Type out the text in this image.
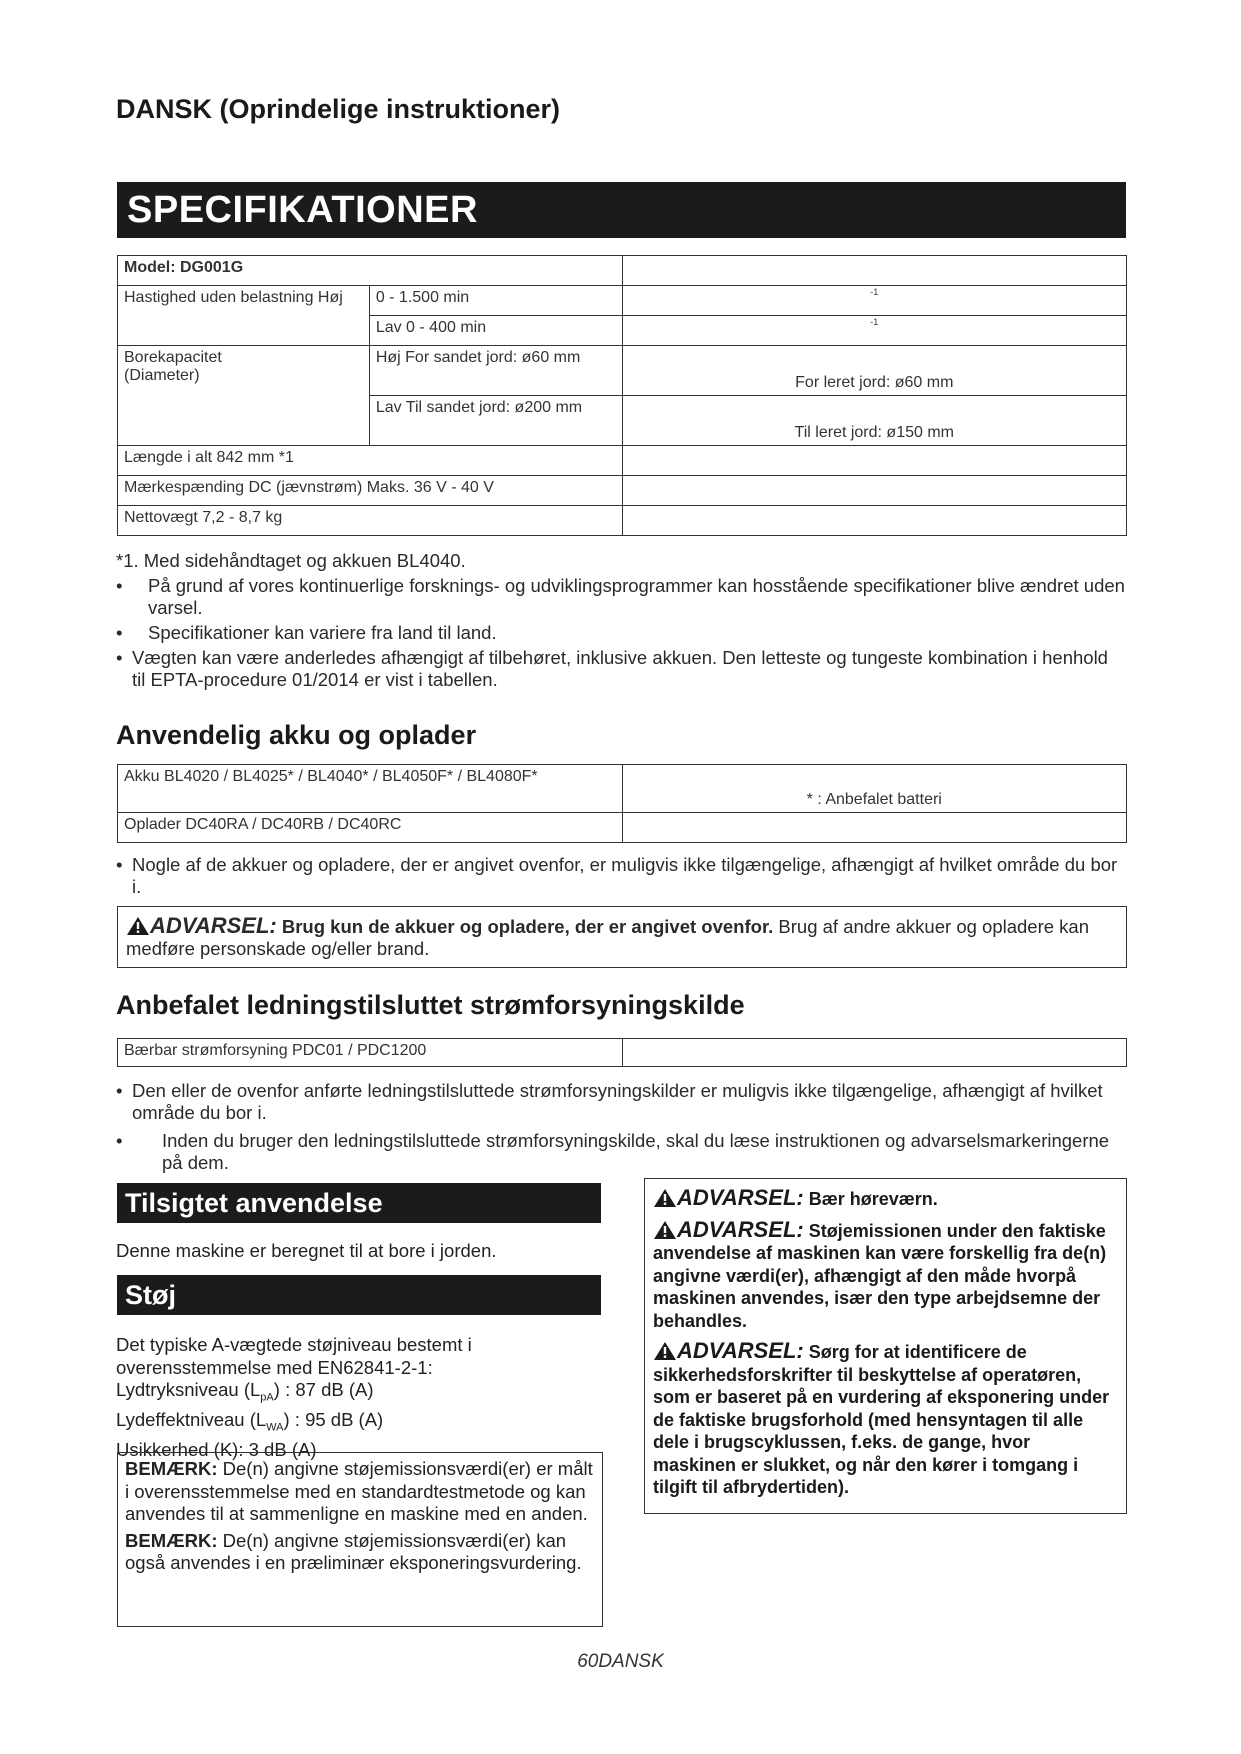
DANSK (Oprindelige instruktioner)
SPECIFIKATIONER
Model: DG001G		
Hastighed uden belastning Høj	0 - 1.500 min	-1

	Lav 0 - 400 min	-1

Borekapacitet
(Diameter)	Høj For sandet jord: ø60 mm	For leret jord: ø60 mm
	Lav Til sandet jord: ø200 mm	Til leret jord: ø150 mm
Længde i alt 842 mm *1		
Mærkespænding DC (jævnstrøm) Maks. 36 V - 40 V		
Nettovægt 7,2 - 8,7 kg		
*1. Med sidehåndtaget og akkuen BL4040.
• På grund af vores kontinuerlige forsknings- og udviklingsprogrammer kan hosstående specifikationer blive ændret uden varsel.
• Specifikationer kan variere fra land til land.
• Vægten kan være anderledes afhængigt af tilbehøret, inklusive akkuen. Den letteste og tungeste kombination i henhold til EPTA-procedure 01/2014 er vist i tabellen.
Anvendelig akku og oplader
Akku BL4020 / BL4025* / BL4040* / BL4050F* / BL4080F*	* : Anbefalet batteri
Oplader DC40RA / DC40RB / DC40RC	
• Nogle af de akkuer og opladere, der er angivet ovenfor, er muligvis ikke tilgængelige, afhængigt af hvilket område du bor i.
ADVARSEL: Brug kun de akkuer og opladere, der er angivet ovenfor. Brug af andre akkuer og opladere kan medføre personskade og/eller brand.
Anbefalet ledningstilsluttet strømforsyningskilde
Bærbar strømforsyning PDC01 / PDC1200	
• Den eller de ovenfor anførte ledningstilsluttede strømforsyningskilder er muligvis ikke tilgængelige, afhængigt af hvilket område du bor i.
• Inden du bruger den ledningstilsluttede strømforsyningskilde, skal du læse instruktionen og advarselsmarkeringerne på dem.
Tilsigtet anvendelse
Denne maskine er beregnet til at bore i jorden.
Støj
Det typiske A-vægtede støjniveau bestemt i overensstemmelse med EN62841-2-1:
Lydtryksniveau $(L_{pA})$ : 87 dB (A)
Lydeffektniveau $(L_{WA})$ : 95 dB (A)
Usikkerhed (K): 3 dB (A)
BEMÆRK: De(n) angivne støjemissionsværdi(er) er målt i overensstemmelse med en standardtestmetode og kan anvendes til at sammenligne en maskine med en anden.
BEMÆRK: De(n) angivne støjemissionsværdi(er) kan også anvendes i en præliminær eksponeringsvurdering.
ADVARSEL: Bær høreværn.
ADVARSEL: Støjemissionen under den faktiske anvendelse af maskinen kan være forskellig fra de(n) angivne værdi(er), afhængigt af den måde hvorpå maskinen anvendes, især den type arbejdsemne der behandles.
ADVARSEL: Sørg for at identificere de sikkerhedsforskrifter til beskyttelse af operatøren, som er baseret på en vurdering af eksponering under de faktiske brugsforhold (med hensyntagen til alle dele i brugscyklussen, f.eks. de gange, hvor maskinen er slukket, og når den kører i tomgang i tilgift til afbrydertiden).
60DANSK
